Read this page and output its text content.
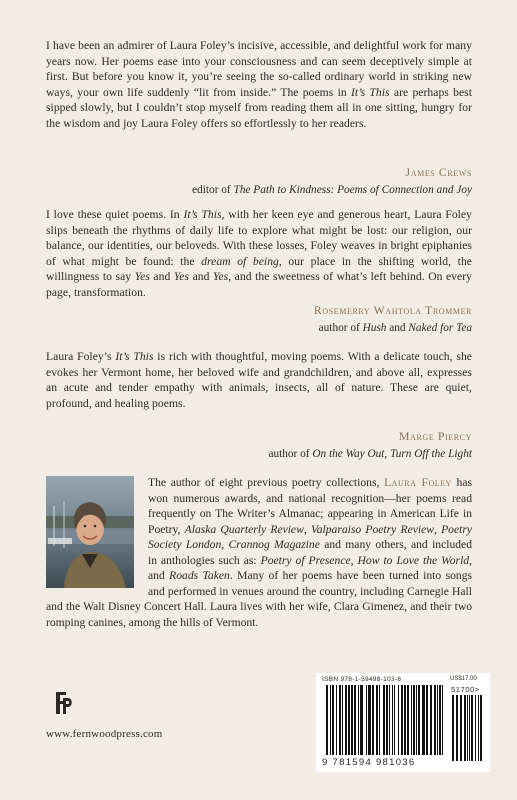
I have been an admirer of Laura Foley’s incisive, accessible, and delightful work for many years now. Her poems ease into your consciousness and can seem deceptively simple at first. But before you know it, you’re seeing the so-called ordinary world in striking new ways, your own life suddenly “lit from inside.” The poems in It’s This are perhaps best sipped slowly, but I couldn’t stop myself from reading them all in one sitting, hungry for the wisdom and joy Laura Foley offers so effortlessly to her readers.

James Crews
editor of The Path to Kindness: Poems of Connection and Joy

I love these quiet poems. In It’s This, with her keen eye and generous heart, Laura Foley slips beneath the rhythms of daily life to explore what might be lost: our religion, our balance, our identities, our beloveds. With these losses, Foley weaves in bright epiphanies of what might be found: the dream of being, our place in the shifting world, the willingness to say Yes and Yes and Yes, and the sweetness of what’s left behind. On every page, transformation.

Rosemerry Wahtola Trommer
author of Hush and Naked for Tea

Laura Foley’s It’s This is rich with thoughtful, moving poems. With a delicate touch, she evokes her Vermont home, her beloved wife and grandchildren, and above all, expresses an acute and tender empathy with animals, insects, all of nature. These are quiet, profound, and healing poems.

Marge Piercy
author of On the Way Out, Turn Off the Light
The author of eight previous poetry collections, Laura Foley has won numerous awards, and national recognition—her poems read frequently on The Writer’s Almanac; appearing in American Life in Poetry, Alaska Quarterly Review, Valparaiso Poetry Review, Poetry Society London, Crannog Magazine and many others, and included in anthologies such as: Poetry of Presence, How to Love the World, and Roads Taken. Many of her poems have been turned into songs and performed in venues around the country, including Carnegie Hall and the Walt Disney Concert Hall. Laura lives with her wife, Clara Gimenez, and their two romping canines, among the hills of Vermont.
www.fernwoodpress.com
ISBN 978-1-59498-103-6	US$17.00
9 781594 981036
51700>
